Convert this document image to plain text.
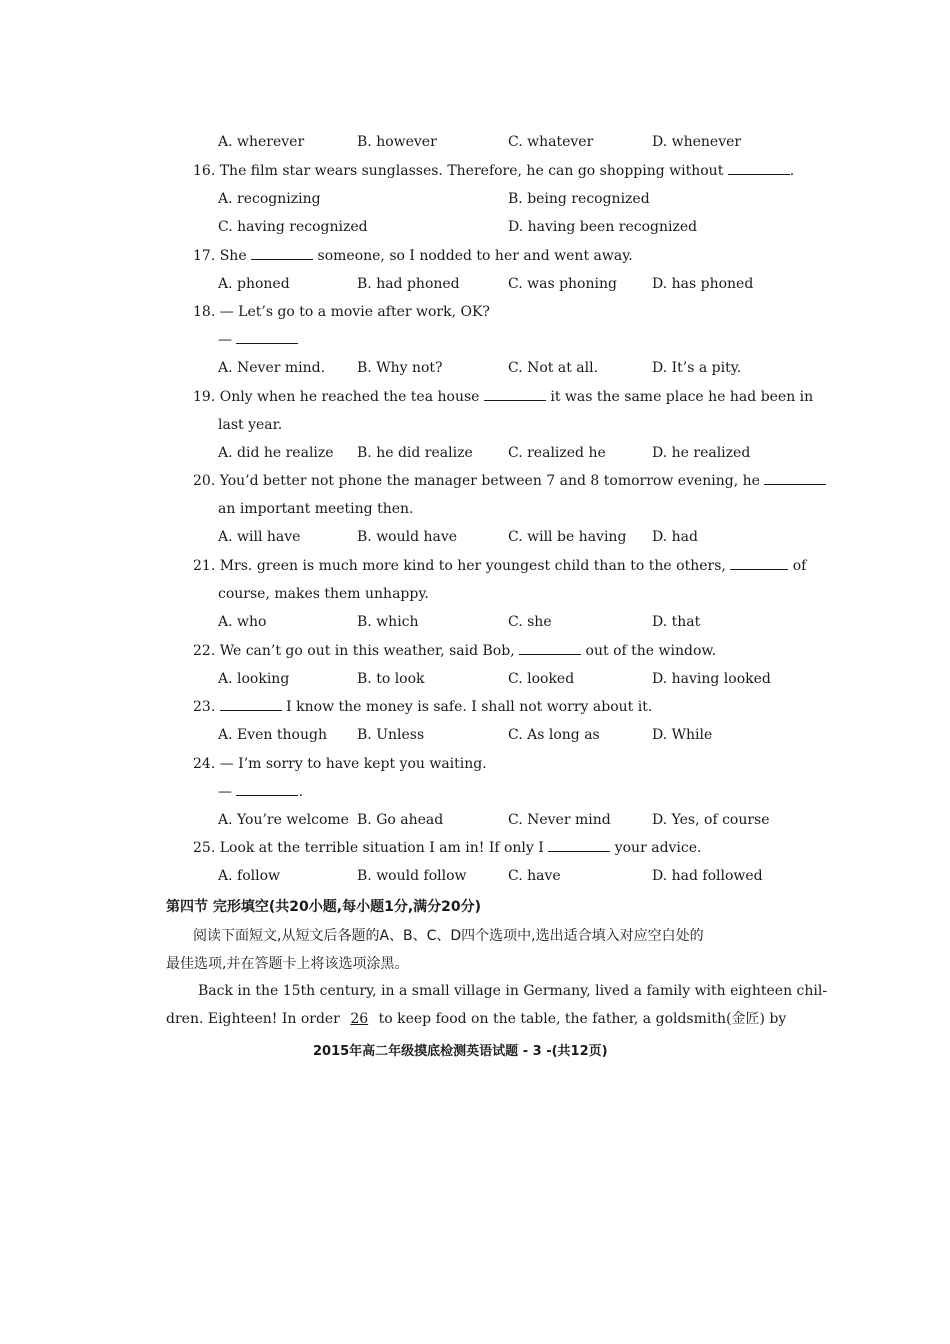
A. wherever	B. however	C. whatever	D. whenever
16. The film star wears sunglasses. Therefore, he can go shopping without	.
A. recognizing	B. being recognized
C. having recognized	D. having been recognized
17. She	someone, so I nodded to her and went away.
A. phoned	B. had phoned	C. was phoning	D. has phoned
18. — Let’s go to a movie after work, OK?
—
A. Never mind. B. Why not?	C. Not at all.	D. It’s a pity.
19. Only when he reached the tea house	it was the same place he had been in
last year.
A. did he realize B. he did realize	C. realized he	D. he realized
20. You’d better not phone the manager between 7 and 8 tomorrow evening, he
an important meeting then.
A. will have	B. would have	C. will be having D. had
21. Mrs. green is much more kind to her youngest child than to the others,	of
course, makes them unhappy.
A. who	B. which	C. she	D. that
22. We can’t go out in this weather, said Bob,	out of the window.
A. looking	B. to look	C. looked	D. having looked
23.	I know the money is safe. I shall not worry about it.
A. Even though B. Unless	C. As long as	D. While
24. — I’m sorry to have kept you waiting.
—	.
A. You’re welcome B. Go ahead	C. Never mind	D. Yes, of course
25. Look at the terrible situation I am in! If only I	your advice.
A. follow	B. would follow	C. have	D. had followed
第四节 完形填空(共20小题,每小题1分,满分20分)
阅读下面短文,从短文后各题的A、B、C、D四个选项中,选出适合填入对应空白处的
最佳选项,并在答题卡上将该选项涂黑。
Back in the 15th century, in a small village in Germany, lived a family with eighteen chil-
dren. Eighteen! In order 26 to keep food on the table, the father, a goldsmith(金匠) by
2015年高二年级摸底检测英语试题 - 3 -(共12页)
